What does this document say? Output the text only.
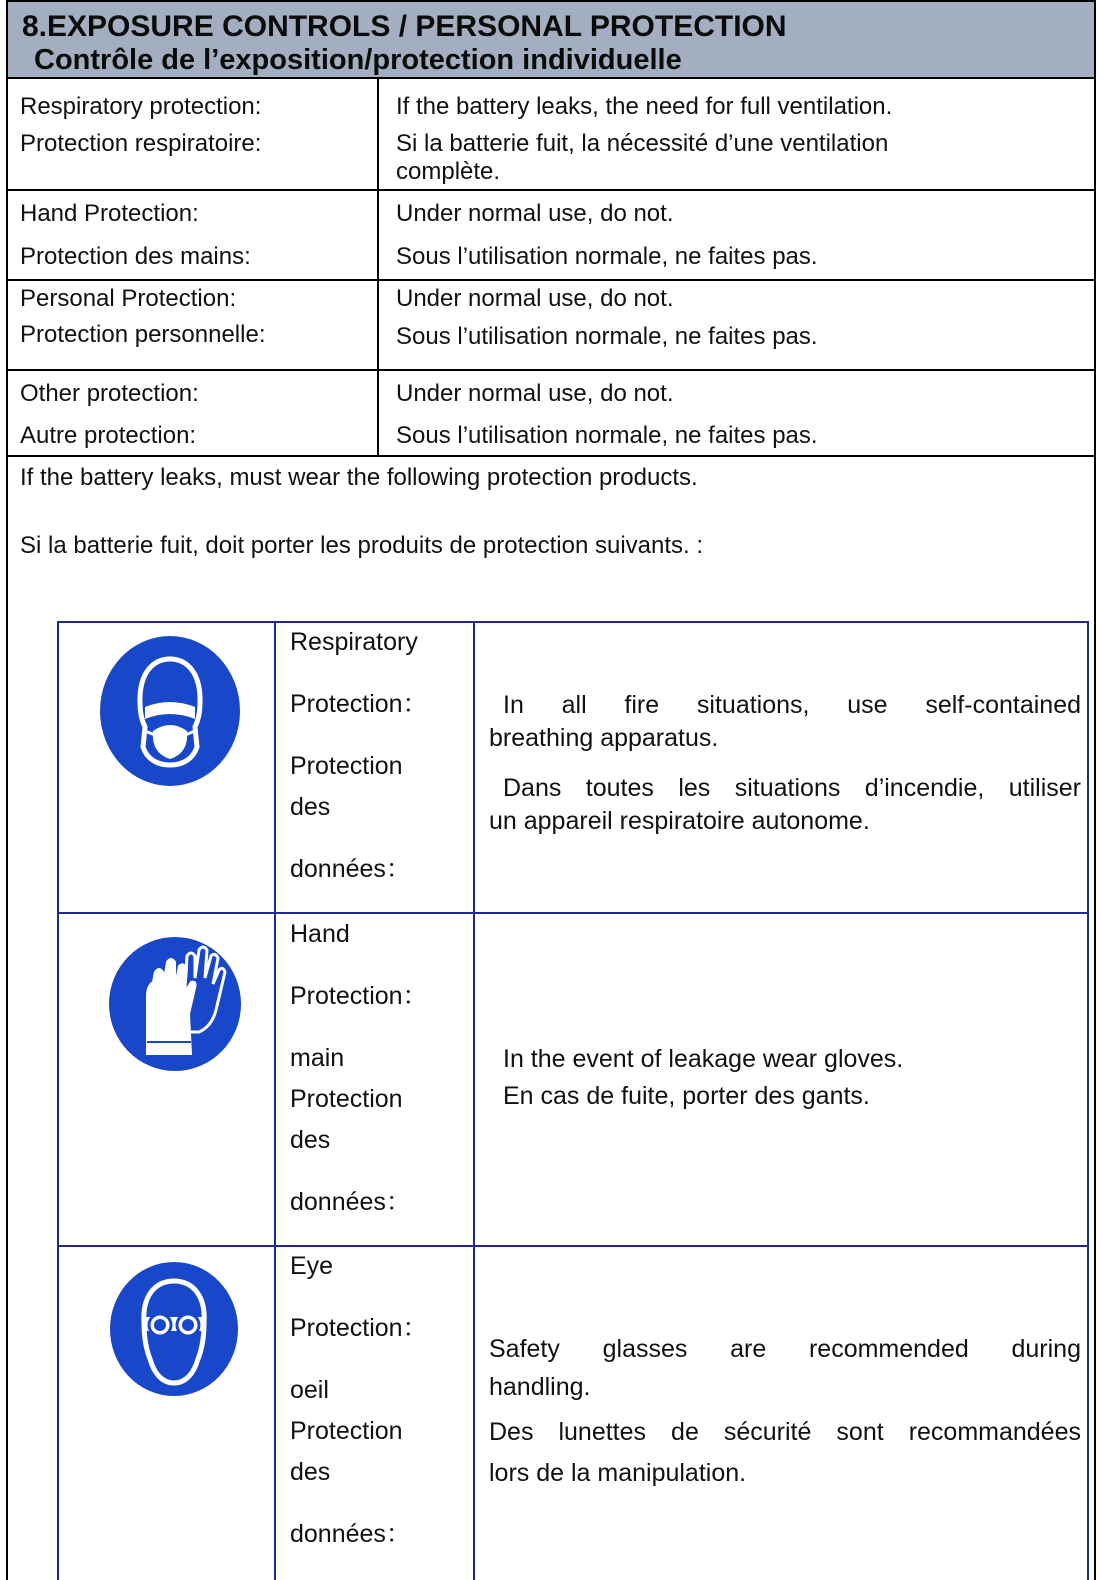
8.EXPOSURE CONTROLS / PERSONAL PROTECTION
Contrôle de l’exposition/protection individuelle
Respiratory protection:
Protection respiratoire:
If the battery leaks, the need for full ventilation.
Si la batterie fuit, la nécessité d’une ventilation
complète.
Hand Protection:
Protection des mains:
Under normal use, do not.
Sous l’utilisation normale, ne faites pas.
Personal Protection:
Protection personnelle:
Under normal use, do not.
Sous l’utilisation normale, ne faites pas.
Other protection:
Autre protection:
Under normal use, do not.
Sous l’utilisation normale, ne faites pas.
If the battery leaks, must wear the following protection products.
Si la batterie fuit, doit porter les produits de protection suivants. :
Respiratory
Protection：
Protection
des
données：
In all fire situations, use self-contained
breathing apparatus.
Dans toutes les situations d’incendie, utiliser
un appareil respiratoire autonome.
Hand
Protection：
main
Protection
des
données：
In the event of leakage wear gloves.
En cas de fuite, porter des gants.
Eye
Protection：
oeil
Protection
des
données：
Safety glasses are recommended during
handling.
Des lunettes de sécurité sont recommandées
lors de la manipulation.
